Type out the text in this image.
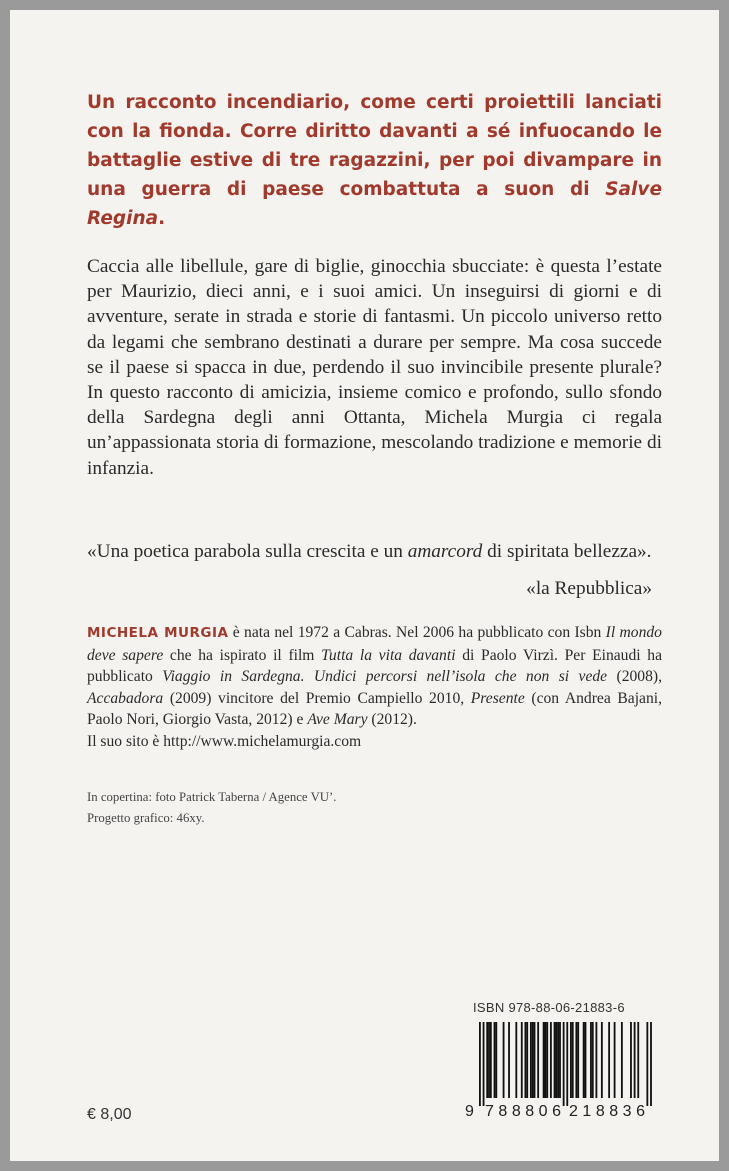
Un racconto incendiario, come certi proiettili lanciati con la fionda. Corre diritto davanti a sé infuocando le battaglie estive di tre ragazzini, per poi divampare in una guerra di paese combattuta a suon di Salve Regina.

Caccia alle libellule, gare di biglie, ginocchia sbucciate: è questa l’estate per Maurizio, dieci anni, e i suoi amici. Un inseguirsi di giorni e di avventure, serate in strada e storie di fantasmi. Un piccolo universo retto da legami che sembrano destinati a durare per sempre. Ma cosa succede se il paese si spacca in due, perdendo il suo invincibile presente plurale? In questo racconto di amicizia, insieme comico e profondo, sullo sfondo della Sardegna degli anni Ottanta, Michela Murgia ci regala un’appassionata storia di formazione, mescolando tradizione e memorie di infanzia.

«Una poetica parabola sulla crescita e un amarcord di spiritata bellezza».

«la Repubblica»

MICHELA MURGIA è nata nel 1972 a Cabras. Nel 2006 ha pubblicato con Isbn Il mondo deve sapere che ha ispirato il film Tutta la vita davanti di Paolo Virzì. Per Einaudi ha pubblicato Viaggio in Sardegna. Undici percorsi nell’isola che non si vede (2008), Accabadora (2009) vincitore del Premio Campiello 2010, Presente (con Andrea Bajani, Paolo Nori, Giorgio Vasta, 2012) e Ave Mary (2012).
Il suo sito è http://www.michelamurgia.com

In copertina: foto Patrick Taberna / Agence VU’.
Progetto grafico: 46xy.

ISBN 978-88-06-21883-6

9 788806 218836

€ 8,00
